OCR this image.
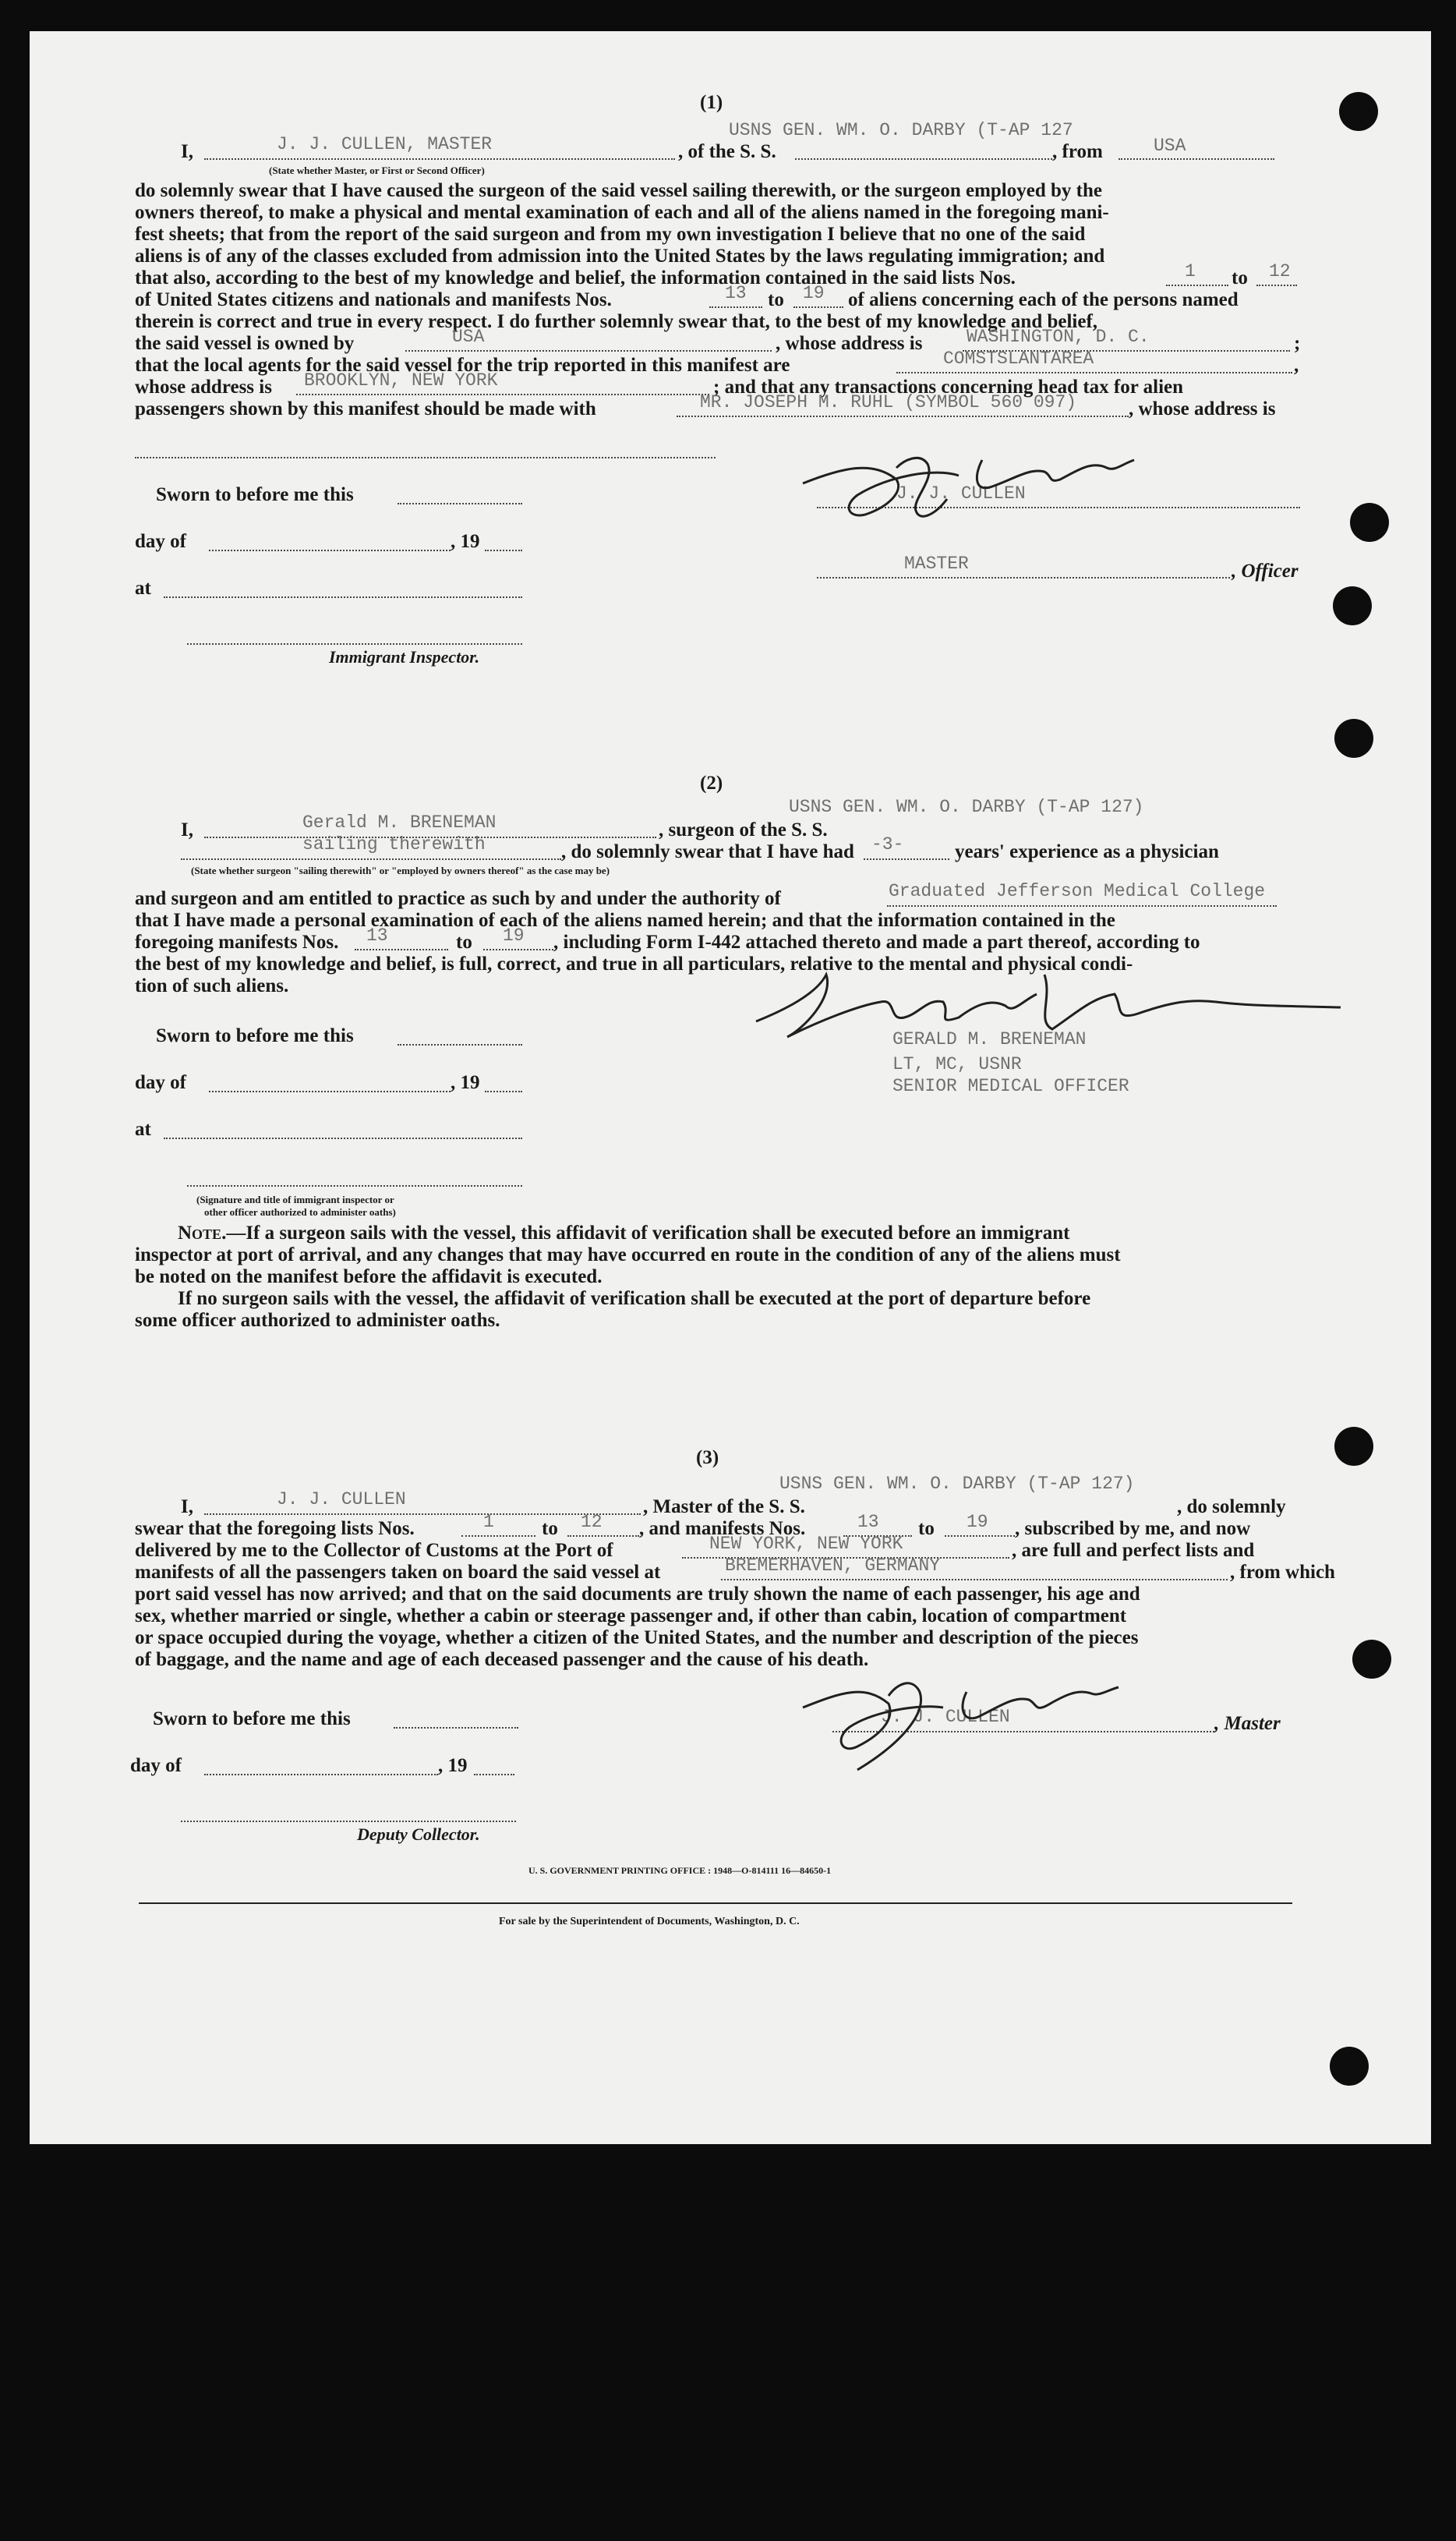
(1)
I,	J. J. CULLEN, MASTER	, of the S. S.
USNS GEN. WM. O. DARBY (T-AP 127
, from	USA
(State whether Master, or First or Second Officer)
do solemnly swear that I have caused the surgeon of the said vessel sailing therewith, or the surgeon employed by the
owners thereof, to make a physical and mental examination of each and all of the aliens named in the foregoing mani-
fest sheets; that from the report of the said surgeon and from my own investigation I believe that no one of the said
aliens is of any of the classes excluded from admission into the United States by the laws regulating immigration; and
that also, according to the best of my knowledge and belief, the information contained in the said lists Nos.	1 to 12
of United States citizens and nationals and manifests Nos.	13 to 19 of aliens concerning each of the persons named
therein is correct and true in every respect. I do further solemnly swear that, to the best of my knowledge and belief,
the said vessel is owned by	USA	, whose address is WASHINGTON, D. C.	;
that the local agents for the said vessel for the trip reported in this manifest are	COMSTSLANTAREA	,
whose address is BROOKLYN, NEW YORK	; and that any transactions concerning head tax for alien
passengers shown by this manifest should be made with	MR. JOSEPH M. RUHL (SYMBOL 560 097)	, whose address is
Sworn to before me this
day of	, 19
at
Immigrant Inspector.
J. J. CULLEN
MASTER	, Officer
(2)
USNS GEN. WM. O. DARBY (T-AP 127)
I,	Gerald M. BRENEMAN	, surgeon of the S. S.
sailing therewith	, do solemnly swear that I have had -3-	years' experience as a physician
(State whether surgeon "sailing therewith" or "employed by owners thereof" as the case may be)
and surgeon and am entitled to practice as such by and under the authority of	Graduated Jefferson Medical College
that I have made a personal examination of each of the aliens named herein; and that the information contained in the
foregoing manifests Nos. 13	to 19 , including Form I-442 attached thereto and made a part thereof, according to
the best of my knowledge and belief, is full, correct, and true in all particulars, relative to the mental and physical condi-
tion of such aliens.
Sworn to before me this
day of	, 19
at
(Signature and title of immigrant inspector or
other officer authorized to administer oaths)
GERALD M. BRENEMAN
LT, MC, USNR
SENIOR MEDICAL OFFICER
Note.—If a surgeon sails with the vessel, this affidavit of verification shall be executed before an immigrant
inspector at port of arrival, and any changes that may have occurred en route in the condition of any of the aliens must
be noted on the manifest before the affidavit is executed.
If no surgeon sails with the vessel, the affidavit of verification shall be executed at the port of departure before
some officer authorized to administer oaths.
(3)
USNS GEN. WM. O. DARBY (T-AP 127)
I,	J. J. CULLEN	, Master of the S. S.	, do solemnly
swear that the foregoing lists Nos.	1 to 12 , and manifests Nos.	13 to 19 , subscribed by me, and now
delivered by me to the Collector of Customs at the Port of	NEW YORK, NEW YORK	, are full and perfect lists and
manifests of all the passengers taken on board the said vessel at	BREMERHAVEN, GERMANY	, from which
port said vessel has now arrived; and that on the said documents are truly shown the name of each passenger, his age and
sex, whether married or single, whether a cabin or steerage passenger and, if other than cabin, location of compartment
or space occupied during the voyage, whether a citizen of the United States, and the number and description of the pieces
of baggage, and the name and age of each deceased passenger and the cause of his death.
Sworn to before me this
day of	, 19
Deputy Collector.
J. J. CULLEN	, Master
U. S. GOVERNMENT PRINTING OFFICE : 1948—O-814111 16—84650-1
For sale by the Superintendent of Documents, Washington, D. C.
